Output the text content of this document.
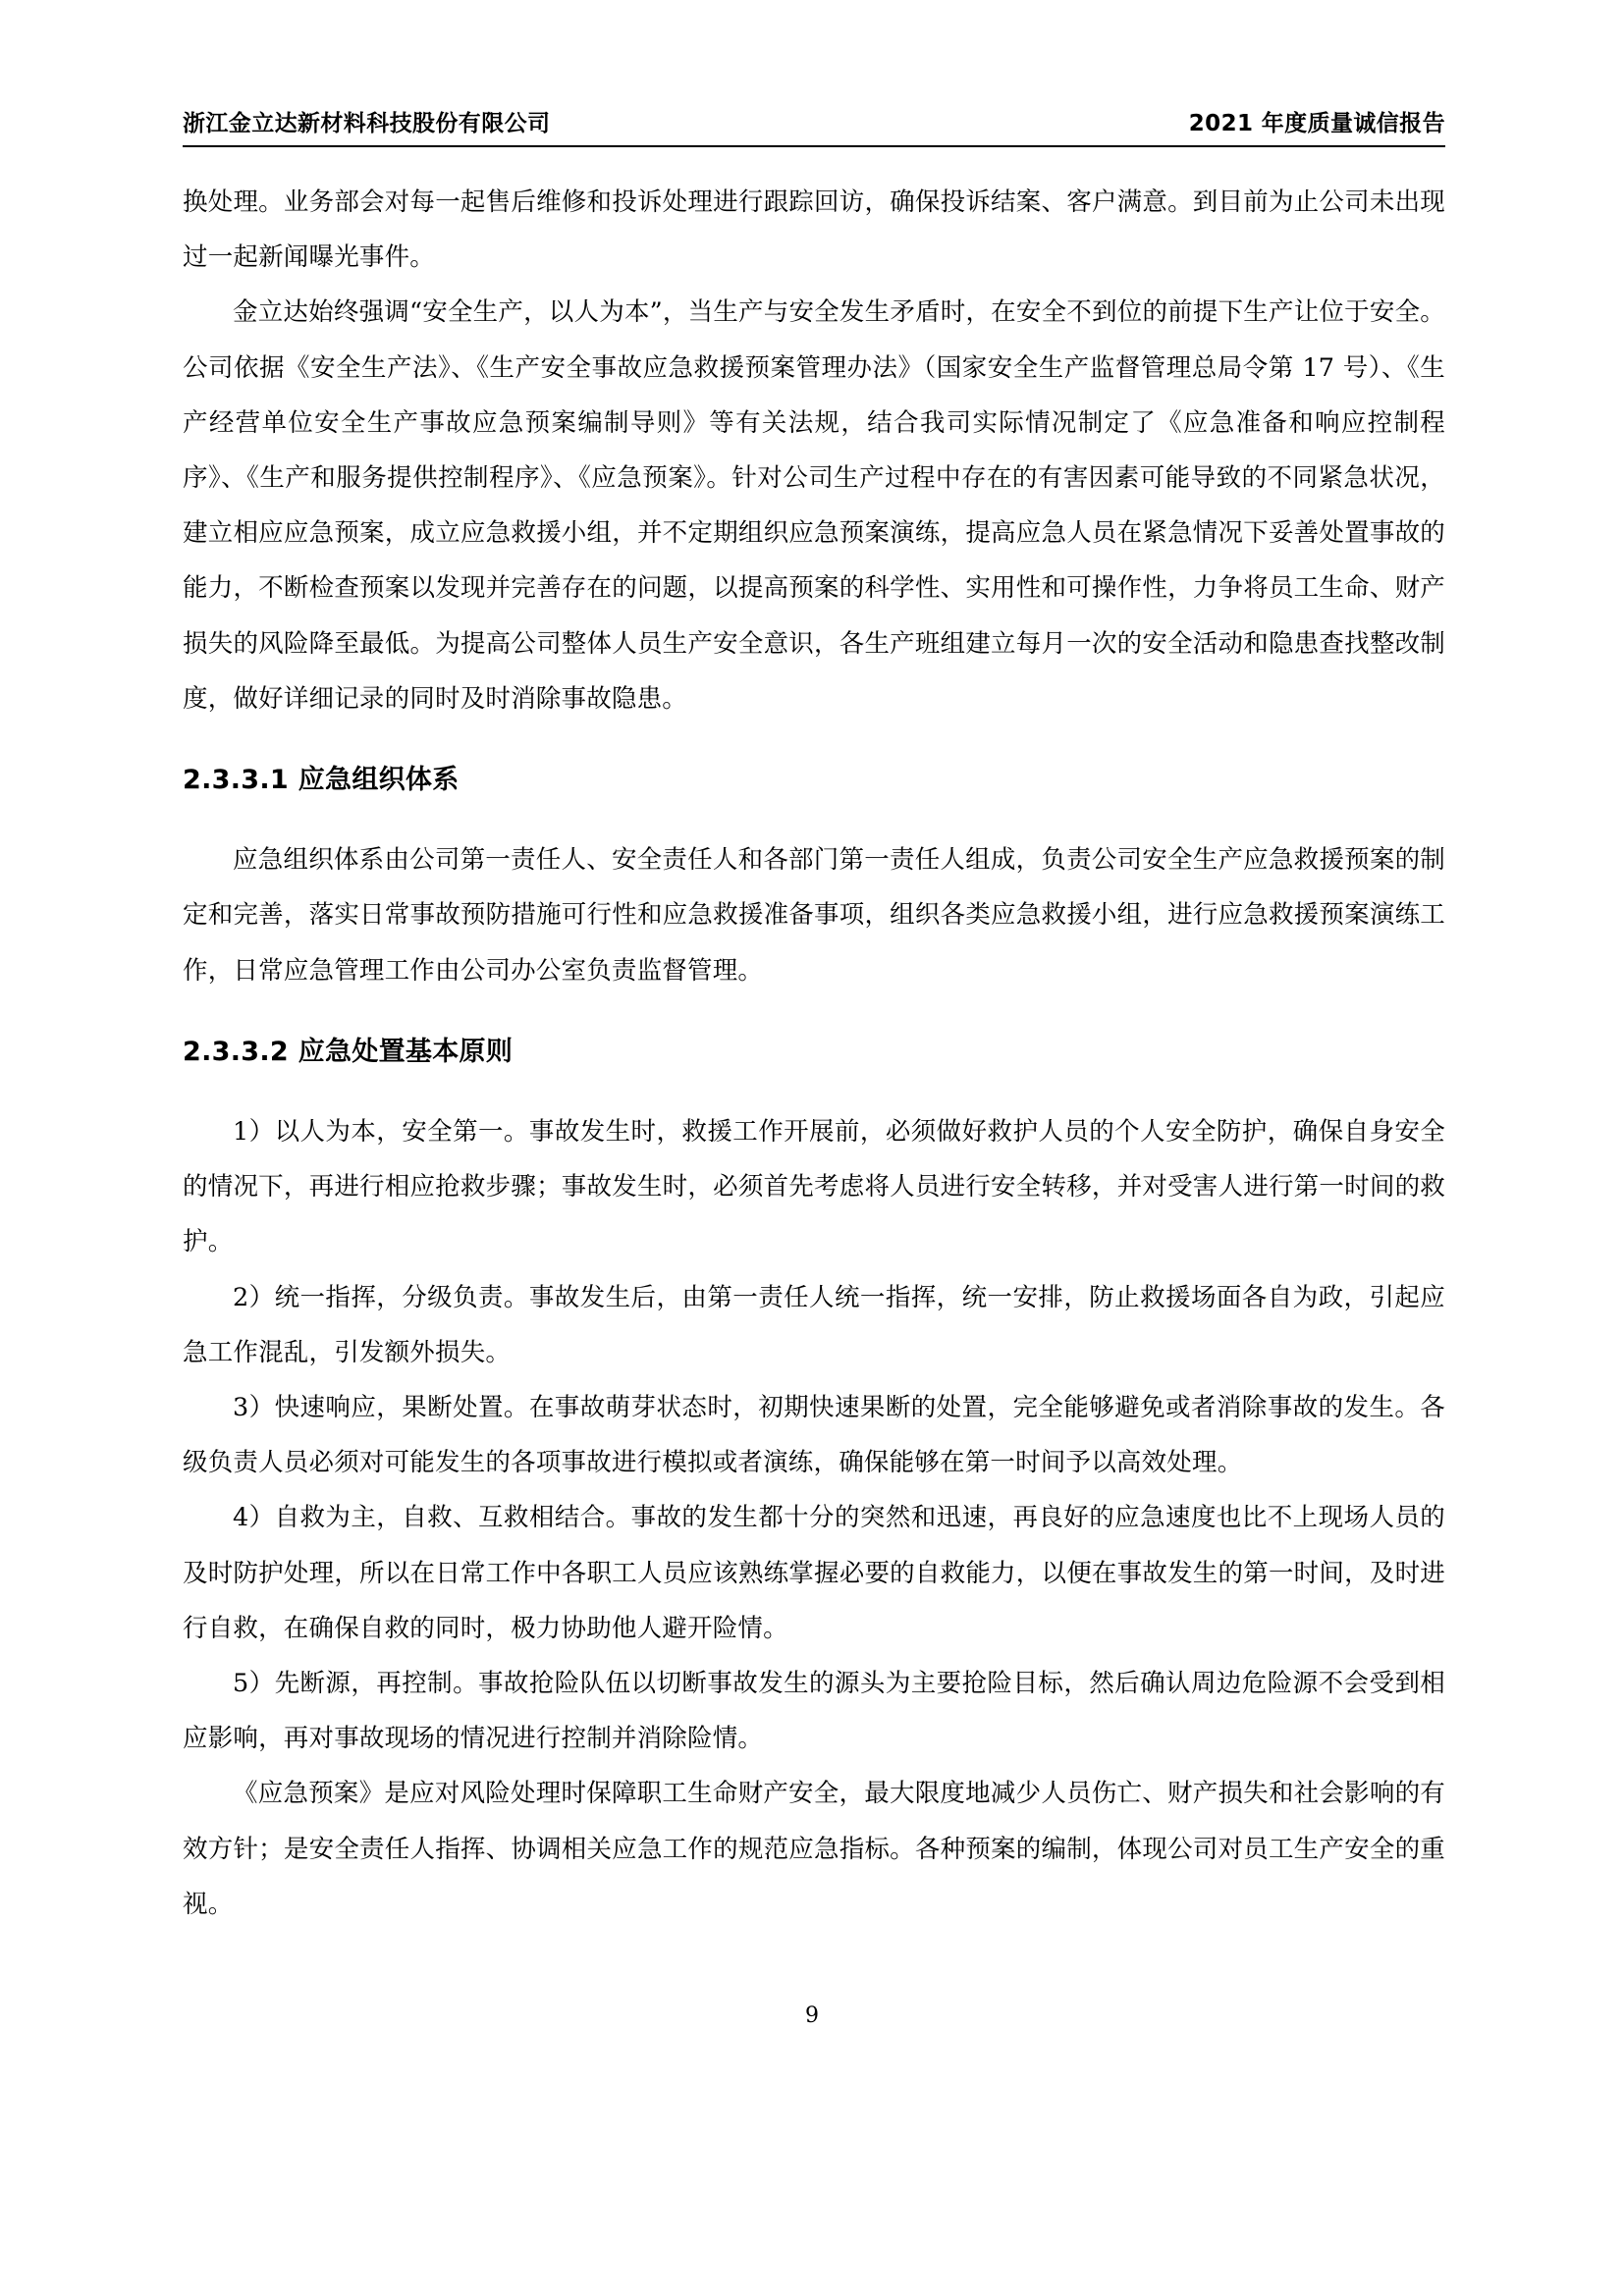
浙江金立达新材料科技股份有限公司	2021 年度质量诚信报告

换处理。业务部会对每一起售后维修和投诉处理进行跟踪回访，确保投诉结案、客户满意。到目前为止公司未出现过一起新闻曝光事件。

金立达始终强调“安全生产，以人为本”，当生产与安全发生矛盾时，在安全不到位的前提下生产让位于安全。公司依据《安全生产法》、《生产安全事故应急救援预案管理办法》（国家安全生产监督管理总局令第 17 号）、《生产经营单位安全生产事故应急预案编制导则》等有关法规，结合我司实际情况制定了《应急准备和响应控制程序》、《生产和服务提供控制程序》、《应急预案》。针对公司生产过程中存在的有害因素可能导致的不同紧急状况，建立相应应急预案，成立应急救援小组，并不定期组织应急预案演练，提高应急人员在紧急情况下妥善处置事故的能力，不断检查预案以发现并完善存在的问题，以提高预案的科学性、实用性和可操作性，力争将员工生命、财产损失的风险降至最低。为提高公司整体人员生产安全意识，各生产班组建立每月一次的安全活动和隐患查找整改制度，做好详细记录的同时及时消除事故隐患。

2.3.3.1 应急组织体系

应急组织体系由公司第一责任人、安全责任人和各部门第一责任人组成，负责公司安全生产应急救援预案的制定和完善，落实日常事故预防措施可行性和应急救援准备事项，组织各类应急救援小组，进行应急救援预案演练工作，日常应急管理工作由公司办公室负责监督管理。

2.3.3.2 应急处置基本原则

1）以人为本，安全第一。事故发生时，救援工作开展前，必须做好救护人员的个人安全防护，确保自身安全的情况下，再进行相应抢救步骤；事故发生时，必须首先考虑将人员进行安全转移，并对受害人进行第一时间的救护。

2）统一指挥，分级负责。事故发生后，由第一责任人统一指挥，统一安排，防止救援场面各自为政，引起应急工作混乱，引发额外损失。

3）快速响应，果断处置。在事故萌芽状态时，初期快速果断的处置，完全能够避免或者消除事故的发生。各级负责人员必须对可能发生的各项事故进行模拟或者演练，确保能够在第一时间予以高效处理。

4）自救为主，自救、互救相结合。事故的发生都十分的突然和迅速，再良好的应急速度也比不上现场人员的及时防护处理，所以在日常工作中各职工人员应该熟练掌握必要的自救能力，以便在事故发生的第一时间，及时进行自救，在确保自救的同时，极力协助他人避开险情。

5）先断源，再控制。事故抢险队伍以切断事故发生的源头为主要抢险目标，然后确认周边危险源不会受到相应影响，再对事故现场的情况进行控制并消除险情。

《应急预案》是应对风险处理时保障职工生命财产安全，最大限度地减少人员伤亡、财产损失和社会影响的有效方针；是安全责任人指挥、协调相关应急工作的规范应急指标。各种预案的编制，体现公司对员工生产安全的重视。

9
